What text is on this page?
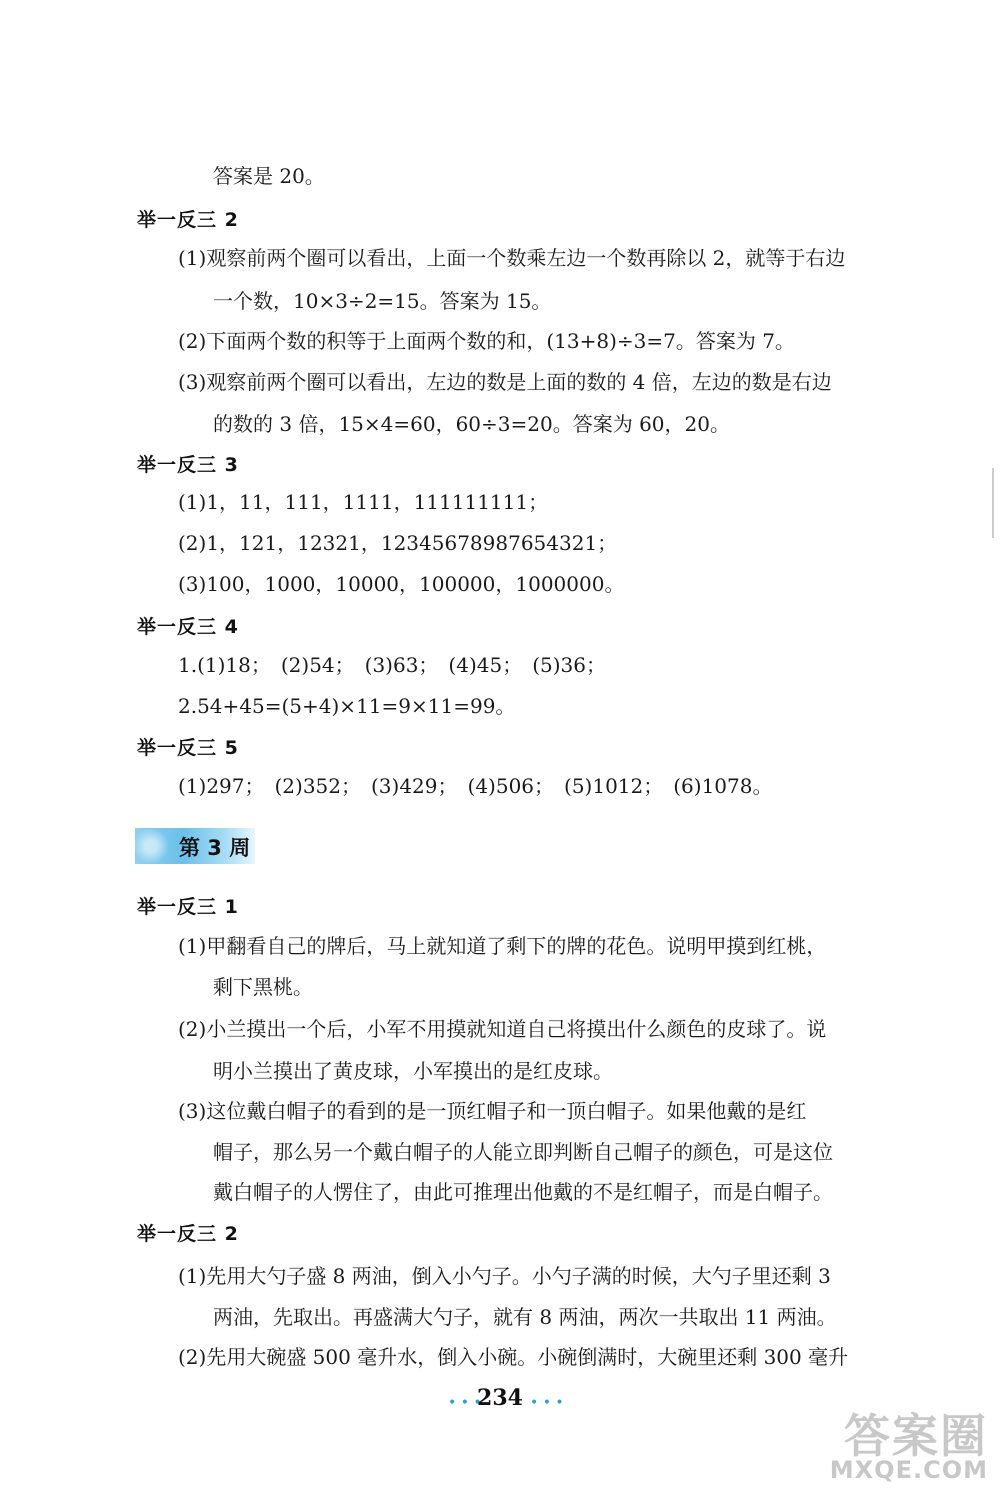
答案是 20。
举一反三 2
(1)观察前两个圈可以看出，上面一个数乘左边一个数再除以 2，就等于右边
一个数，10×3÷2=15。答案为 15。
(2)下面两个数的积等于上面两个数的和，(13+8)÷3=7。答案为 7。
(3)观察前两个圈可以看出，左边的数是上面的数的 4 倍，左边的数是右边
的数的 3 倍，15×4=60，60÷3=20。答案为 60，20。
举一反三 3
(1)1，11，111，1111，111111111；
(2)1，121，12321，12345678987654321；
(3)100，1000，10000，100000，1000000。
举一反三 4
1.(1)18；　(2)54；　(3)63；　(4)45；　(5)36；
2.54+45=(5+4)×11=9×11=99。
举一反三 5
(1)297；　(2)352；　(3)429；　(4)506；　(5)1012；　(6)1078。
第 3 周
举一反三 1
(1)甲翻看自己的牌后，马上就知道了剩下的牌的花色。说明甲摸到红桃，
剩下黑桃。
(2)小兰摸出一个后，小军不用摸就知道自己将摸出什么颜色的皮球了。说
明小兰摸出了黄皮球，小军摸出的是红皮球。
(3)这位戴白帽子的看到的是一顶红帽子和一顶白帽子。如果他戴的是红
帽子，那么另一个戴白帽子的人能立即判断自己帽子的颜色，可是这位
戴白帽子的人愣住了，由此可推理出他戴的不是红帽子，而是白帽子。
举一反三 2
(1)先用大勺子盛 8 两油，倒入小勺子。小勺子满的时候，大勺子里还剩 3
两油，先取出。再盛满大勺子，就有 8 两油，两次一共取出 11 两油。
(2)先用大碗盛 500 毫升水，倒入小碗。小碗倒满时，大碗里还剩 300 毫升
• • •
234 • • •
答案圈
MXQE.COM
